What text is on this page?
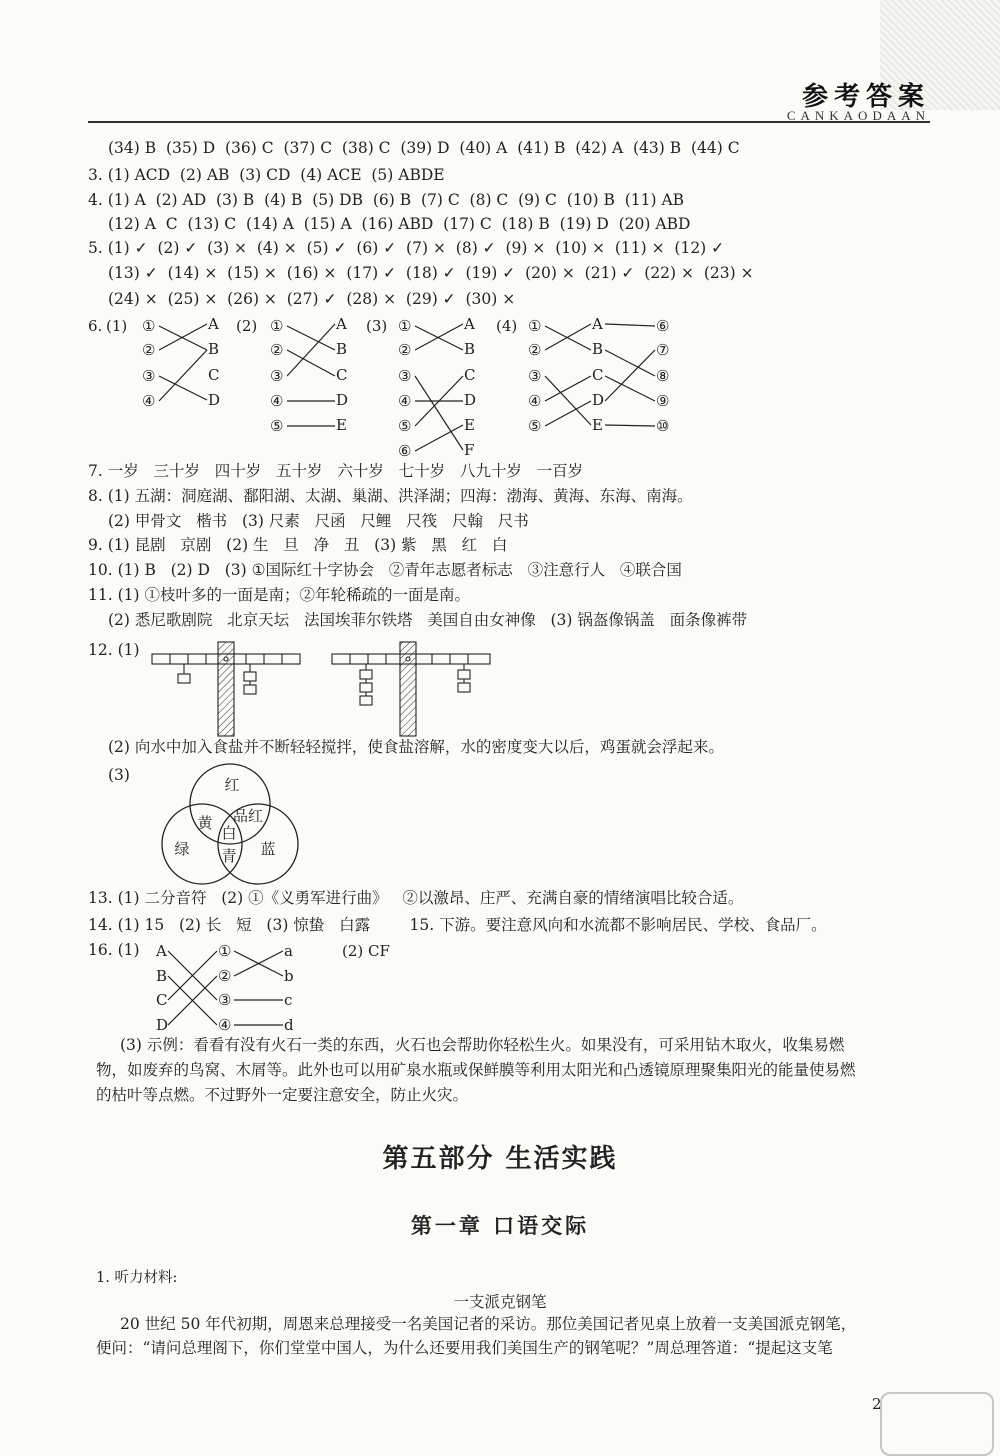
参考答案
CANKAODAAN
(34) B  (35) D  (36) C  (37) C  (38) C  (39) D  (40) A  (41) B  (42) A  (43) B  (44) C
3. (1) ACD  (2) AB  (3) CD  (4) ACE  (5) ABDE
4. (1) A  (2) AD  (3) B  (4) B  (5) DB  (6) B  (7) C  (8) C  (9) C  (10) B  (11) AB
(12) A  C  (13) C  (14) A  (15) A  (16) ABD  (17) C  (18) B  (19) D  (20) ABD
5. (1) ✓  (2) ✓  (3) ×  (4) ×  (5) ✓  (6) ✓  (7) ×  (8) ✓  (9) ×  (10) ×  (11) ×  (12) ✓
(13) ✓  (14) ×  (15) ×  (16) ×  (17) ✓  (18) ✓  (19) ✓  (20) ×  (21) ✓  (22) ×  (23) ×
(24) ×  (25) ×  (26) ×  (27) ✓  (28) ×  (29) ✓  (30) ×
6. (1)	(2)	(3)	(4)
①
②
③
④
A
B
C
D
①
②
③
④
⑤
A
B
C
D
E
①
②
③
④
⑤
⑥
A
B
C
D
E
F
①
②
③
④
⑤
A
B
C
D
E
⑥
⑦
⑧
⑨
⑩
7. 一岁   三十岁   四十岁   五十岁   六十岁   七十岁   八九十岁   一百岁
8. (1) 五湖：洞庭湖、鄱阳湖、太湖、巢湖、洪泽湖；四海：渤海、黄海、东海、南海。
(2) 甲骨文   楷书   (3) 尺素   尺函   尺鲤   尺筏   尺翰   尺书
9. (1) 昆剧   京剧   (2) 生   旦   净   丑   (3) 紫   黑   红   白
10. (1) B   (2) D   (3) ①国际红十字协会   ②青年志愿者标志   ③注意行人   ④联合国
11. (1) ①枝叶多的一面是南；②年轮稀疏的一面是南。
(2) 悉尼歌剧院   北京天坛   法国埃菲尔铁塔   美国自由女神像   (3) 锅盔像锅盖   面条像裤带
12. (1)
(2) 向水中加入食盐并不断轻轻搅拌，使食盐溶解，水的密度变大以后，鸡蛋就会浮起来。
(3)
红
黄 品红
白
绿 青 蓝
13. (1) 二分音符   (2) ①《义勇军进行曲》   ②以激昂、庄严、充满自豪的情绪演唱比较合适。
14. (1) 15   (2) 长   短   (3) 惊蛰   白露        15. 下游。要注意风向和水流都不影响居民、学校、食品厂。
16. (1) A
B
C
D
①
②
③
④
a
b
c
d
(2) CF
(3) 示例：看看有没有火石一类的东西，火石也会帮助你轻松生火。如果没有，可采用钻木取火，收集易燃
物，如废弃的鸟窝、木屑等。此外也可以用矿泉水瓶或保鲜膜等利用太阳光和凸透镜原理聚集阳光的能量使易燃
的枯叶等点燃。不过野外一定要注意安全，防止火灾。
第五部分 生活实践
第一章 口语交际
1. 听力材料:
一支派克钢笔
20 世纪 50 年代初期，周恩来总理接受一名美国记者的采访。那位美国记者见桌上放着一支美国派克钢笔，
便问：“请问总理阁下，你们堂堂中国人，为什么还要用我们美国生产的钢笔呢？”周总理答道：“提起这支笔
2
